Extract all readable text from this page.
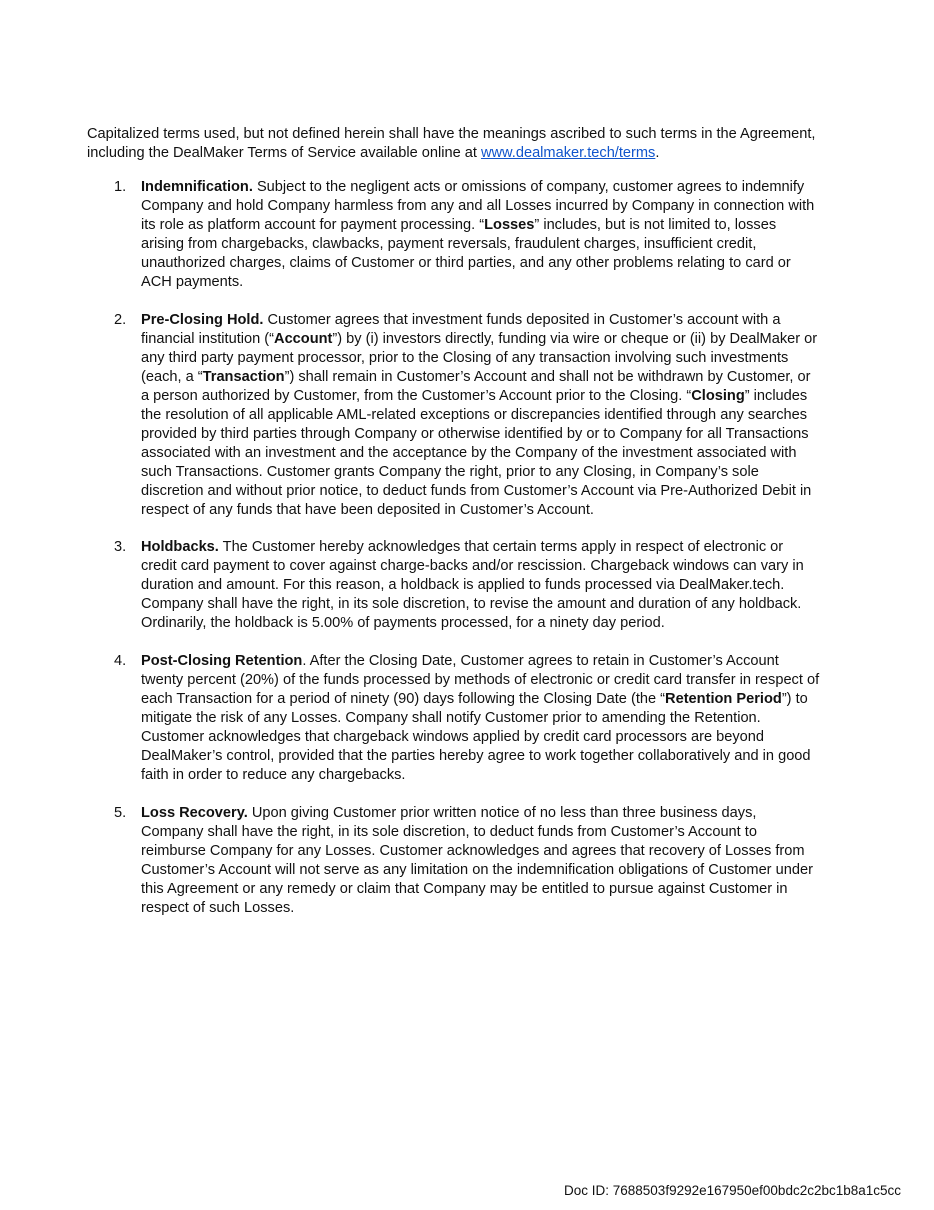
Capitalized terms used, but not defined herein shall have the meanings ascribed to such terms in the Agreement,
including the DealMaker Terms of Service available online at www.dealmaker.tech/terms.
1. Indemnification. Subject to the negligent acts or omissions of company, customer agrees to indemnify
Company and hold Company harmless from any and all Losses incurred by Company in connection with
its role as platform account for payment processing. “Losses” includes, but is not limited to, losses
arising from chargebacks, clawbacks, payment reversals, fraudulent charges, insufficient credit,
unauthorized charges, claims of Customer or third parties, and any other problems relating to card or
ACH payments.
2. Pre-Closing Hold. Customer agrees that investment funds deposited in Customer’s account with a
financial institution (“Account”) by (i) investors directly, funding via wire or cheque or (ii) by DealMaker or
any third party payment processor, prior to the Closing of any transaction involving such investments
(each, a “Transaction”) shall remain in Customer’s Account and shall not be withdrawn by Customer, or
a person authorized by Customer, from the Customer’s Account prior to the Closing. “Closing” includes
the resolution of all applicable AML-related exceptions or discrepancies identified through any searches
provided by third parties through Company or otherwise identified by or to Company for all Transactions
associated with an investment and the acceptance by the Company of the investment associated with
such Transactions. Customer grants Company the right, prior to any Closing, in Company’s sole
discretion and without prior notice, to deduct funds from Customer’s Account via Pre-Authorized Debit in
respect of any funds that have been deposited in Customer’s Account.
3. Holdbacks. The Customer hereby acknowledges that certain terms apply in respect of electronic or
credit card payment to cover against charge-backs and/or rescission. Chargeback windows can vary in
duration and amount. For this reason, a holdback is applied to funds processed via DealMaker.tech.
Company shall have the right, in its sole discretion, to revise the amount and duration of any holdback.
Ordinarily, the holdback is 5.00% of payments processed, for a ninety day period.
4. Post-Closing Retention. After the Closing Date, Customer agrees to retain in Customer’s Account
twenty percent (20%) of the funds processed by methods of electronic or credit card transfer in respect of
each Transaction for a period of ninety (90) days following the Closing Date (the “Retention Period”) to
mitigate the risk of any Losses. Company shall notify Customer prior to amending the Retention.
Customer acknowledges that chargeback windows applied by credit card processors are beyond
DealMaker’s control, provided that the parties hereby agree to work together collaboratively and in good
faith in order to reduce any chargebacks.
5. Loss Recovery. Upon giving Customer prior written notice of no less than three business days,
Company shall have the right, in its sole discretion, to deduct funds from Customer’s Account to
reimburse Company for any Losses. Customer acknowledges and agrees that recovery of Losses from
Customer’s Account will not serve as any limitation on the indemnification obligations of Customer under
this Agreement or any remedy or claim that Company may be entitled to pursue against Customer in
respect of such Losses.
Doc ID: 7688503f9292e167950ef00bdc2c2bc1b8a1c5cc
